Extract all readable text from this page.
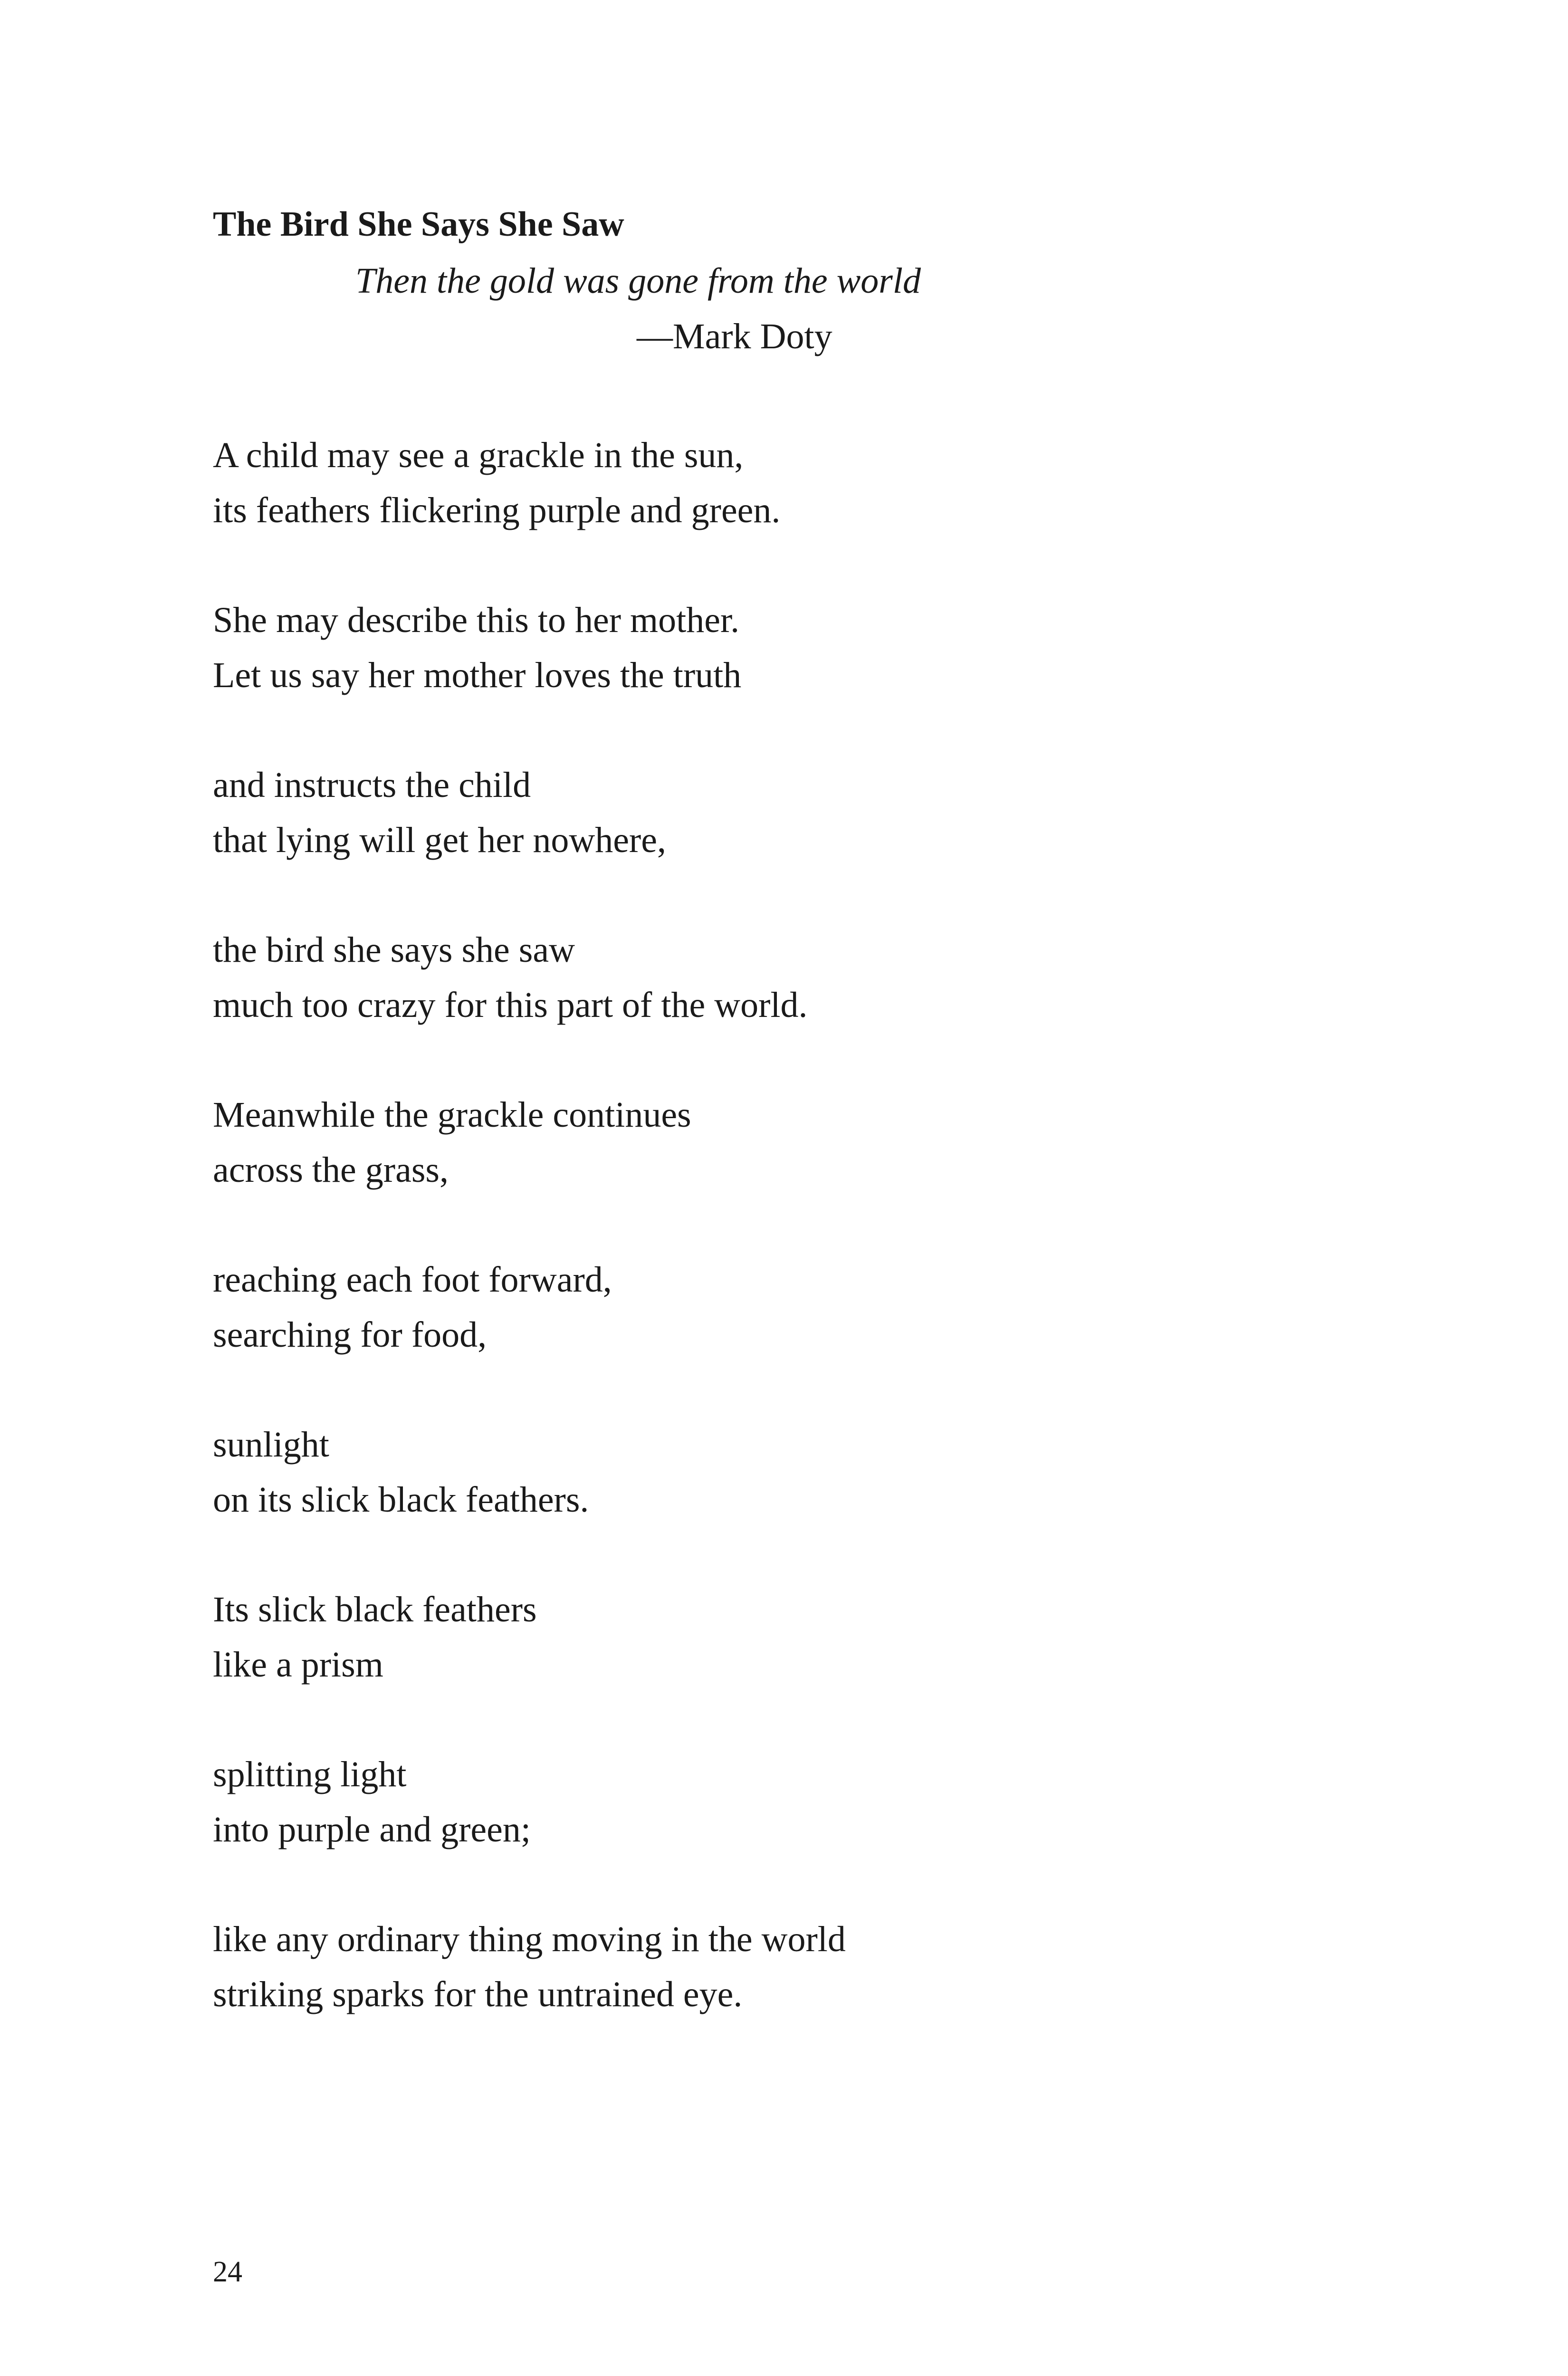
The Bird She Says She Saw
Then the gold was gone from the world
—Mark Doty
A child may see a grackle in the sun,
its feathers flickering purple and green.
She may describe this to her mother.
Let us say her mother loves the truth
and instructs the child
that lying will get her nowhere,
the bird she says she saw
much too crazy for this part of the world.
Meanwhile the grackle continues
across the grass,
reaching each foot forward,
searching for food,
sunlight
on its slick black feathers.
Its slick black feathers
like a prism
splitting light
into purple and green;
like any ordinary thing moving in the world
striking sparks for the untrained eye.
24
